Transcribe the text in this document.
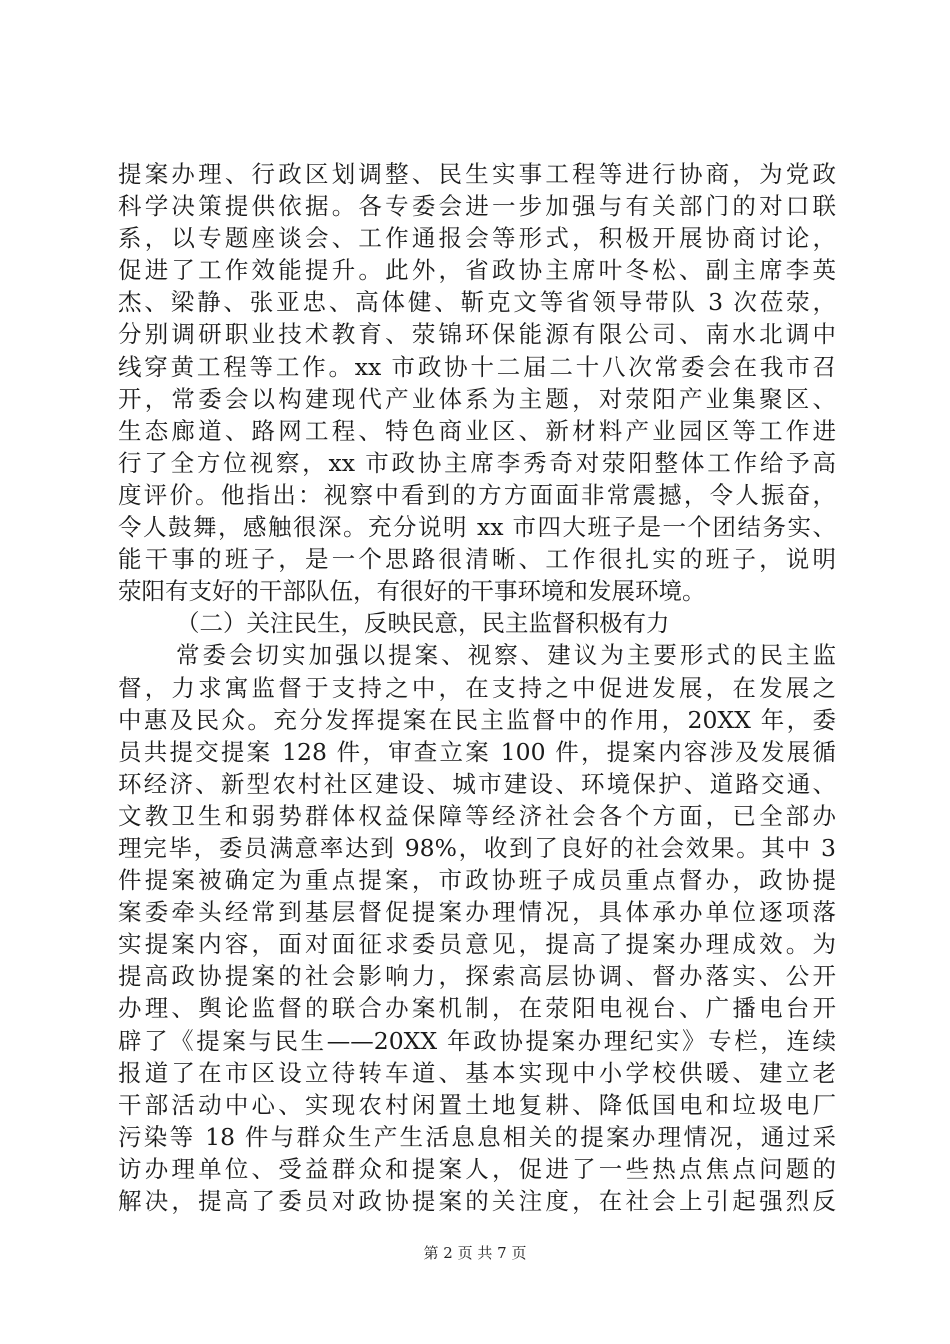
提案办理、行政区划调整、民生实事工程等进行协商，为党政
科学决策提供依据。各专委会进一步加强与有关部门的对口联
系，以专题座谈会、工作通报会等形式，积极开展协商讨论，
促进了工作效能提升。此外，省政协主席叶冬松、副主席李英
杰、梁静、张亚忠、高体健、靳克文等省领导带队 3 次莅荥，
分别调研职业技术教育、荥锦环保能源有限公司、南水北调中
线穿黄工程等工作。xx 市政协十二届二十八次常委会在我市召
开，常委会以构建现代产业体系为主题，对荥阳产业集聚区、
生态廊道、路网工程、特色商业区、新材料产业园区等工作进
行了全方位视察，xx 市政协主席李秀奇对荥阳整体工作给予高
度评价。他指出：视察中看到的方方面面非常震撼，令人振奋，
令人鼓舞，感触很深。充分说明 xx 市四大班子是一个团结务实、
能干事的班子，是一个思路很清晰、工作很扎实的班子，说明
荥阳有支好的干部队伍，有很好的干事环境和发展环境。
（二）关注民生，反映民意，民主监督积极有力
常委会切实加强以提案、视察、建议为主要形式的民主监
督，力求寓监督于支持之中，在支持之中促进发展，在发展之
中惠及民众。充分发挥提案在民主监督中的作用，20XX 年，委
员共提交提案 128 件，审查立案 100 件，提案内容涉及发展循
环经济、新型农村社区建设、城市建设、环境保护、道路交通、
文教卫生和弱势群体权益保障等经济社会各个方面，已全部办
理完毕，委员满意率达到 98%，收到了良好的社会效果。其中 3
件提案被确定为重点提案，市政协班子成员重点督办，政协提
案委牵头经常到基层督促提案办理情况，具体承办单位逐项落
实提案内容，面对面征求委员意见，提高了提案办理成效。为
提高政协提案的社会影响力，探索高层协调、督办落实、公开
办理、舆论监督的联合办案机制，在荥阳电视台、广播电台开
辟了《提案与民生——20XX 年政协提案办理纪实》专栏，连续
报道了在市区设立待转车道、基本实现中小学校供暖、建立老
干部活动中心、实现农村闲置土地复耕、降低国电和垃圾电厂
污染等 18 件与群众生产生活息息相关的提案办理情况，通过采
访办理单位、受益群众和提案人，促进了一些热点焦点问题的
解决，提高了委员对政协提案的关注度，在社会上引起强烈反
第 2 页 共 7 页
